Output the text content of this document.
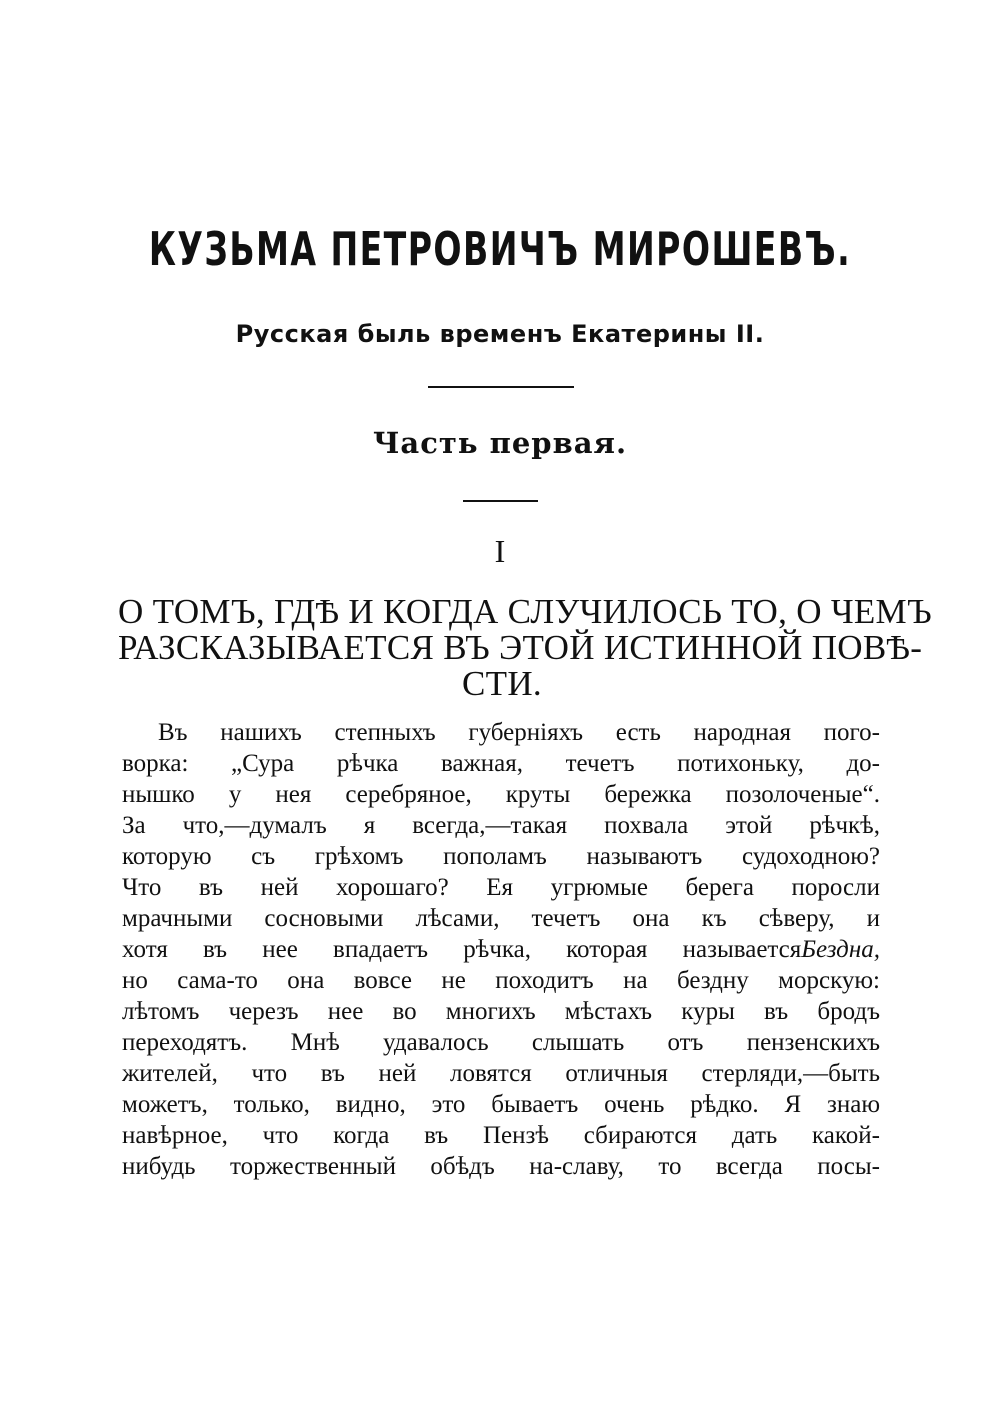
КУЗЬМА ПЕТРОВИЧЪ МИРОШЕВЪ.
Русская быль временъ Екатерины II.
Часть первая.
I
О ТОМЪ, ГДѢ И КОГДА СЛУЧИЛОСЬ ТО, О ЧЕМЪ
РАЗСКАЗЫВАЕТСЯ ВЪ ЭТОЙ ИСТИННОЙ ПОВѢ-
СТИ.
Въ нашихъ степныхъ губерніяхъ есть народная пого-
ворка: „Сура рѣчка важная, течетъ потихоньку, до-
нышко у нея серебряное, круты бережка позолоченые“.
За что,—думалъ я всегда,—такая похвала этой рѣчкѣ,
которую съ грѣхомъ пополамъ называютъ судоходною?
Что въ ней хорошаго? Ея угрюмые берега поросли
мрачными сосновыми лѣсами, течетъ она къ сѣверу, и
хотя въ нее впадаетъ рѣчка, которая называетсяБездна,
но сама-то она вовсе не походитъ на бездну морскую:
лѣтомъ черезъ нее во многихъ мѣстахъ куры въ бродъ
переходятъ. Мнѣ удавалось слышать отъ пензенскихъ
жителей, что въ ней ловятся отличныя стерляди,—быть
можетъ, только, видно, это бываетъ очень рѣдко. Я знаю
навѣрное, что когда въ Пензѣ сбираются дать какой-
нибудь торжественный обѣдъ на-славу, то всегда посы-
